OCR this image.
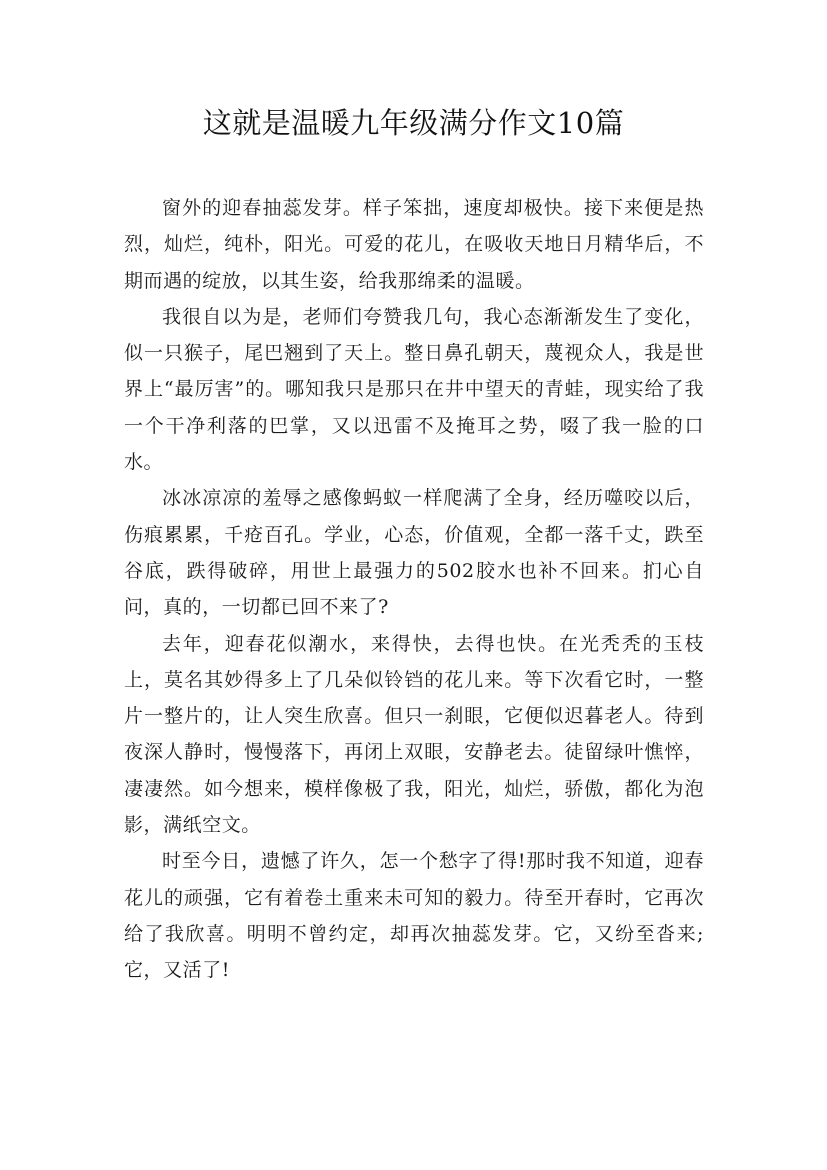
这就是温暖九年级满分作文10篇

窗外的迎春抽蕊发芽。样子笨拙，速度却极快。接下来便是热烈，灿烂，纯朴，阳光。可爱的花儿，在吸收天地日月精华后，不期而遇的绽放，以其生姿，给我那绵柔的温暖。

我很自以为是，老师们夸赞我几句，我心态渐渐发生了变化，似一只猴子，尾巴翘到了天上。整日鼻孔朝天，蔑视众人，我是世界上“最厉害”的。哪知我只是那只在井中望天的青蛙，现实给了我一个干净利落的巴掌，又以迅雷不及掩耳之势，啜了我一脸的口水。

冰冰凉凉的羞辱之感像蚂蚁一样爬满了全身，经历噬咬以后，伤痕累累，千疮百孔。学业，心态，价值观，全都一落千丈，跌至谷底，跌得破碎，用世上最强力的502胶水也补不回来。扪心自问，真的，一切都已回不来了?

去年，迎春花似潮水，来得快，去得也快。在光秃秃的玉枝上，莫名其妙得多上了几朵似铃铛的花儿来。等下次看它时，一整片一整片的，让人突生欣喜。但只一刹眼，它便似迟暮老人。待到夜深人静时，慢慢落下，再闭上双眼，安静老去。徒留绿叶憔悴，凄凄然。如今想来，模样像极了我，阳光，灿烂，骄傲，都化为泡影，满纸空文。

时至今日，遗憾了许久，怎一个愁字了得!那时我不知道，迎春花儿的顽强，它有着卷土重来未可知的毅力。待至开春时，它再次给了我欣喜。明明不曾约定，却再次抽蕊发芽。它，又纷至沓来;它，又活了!
